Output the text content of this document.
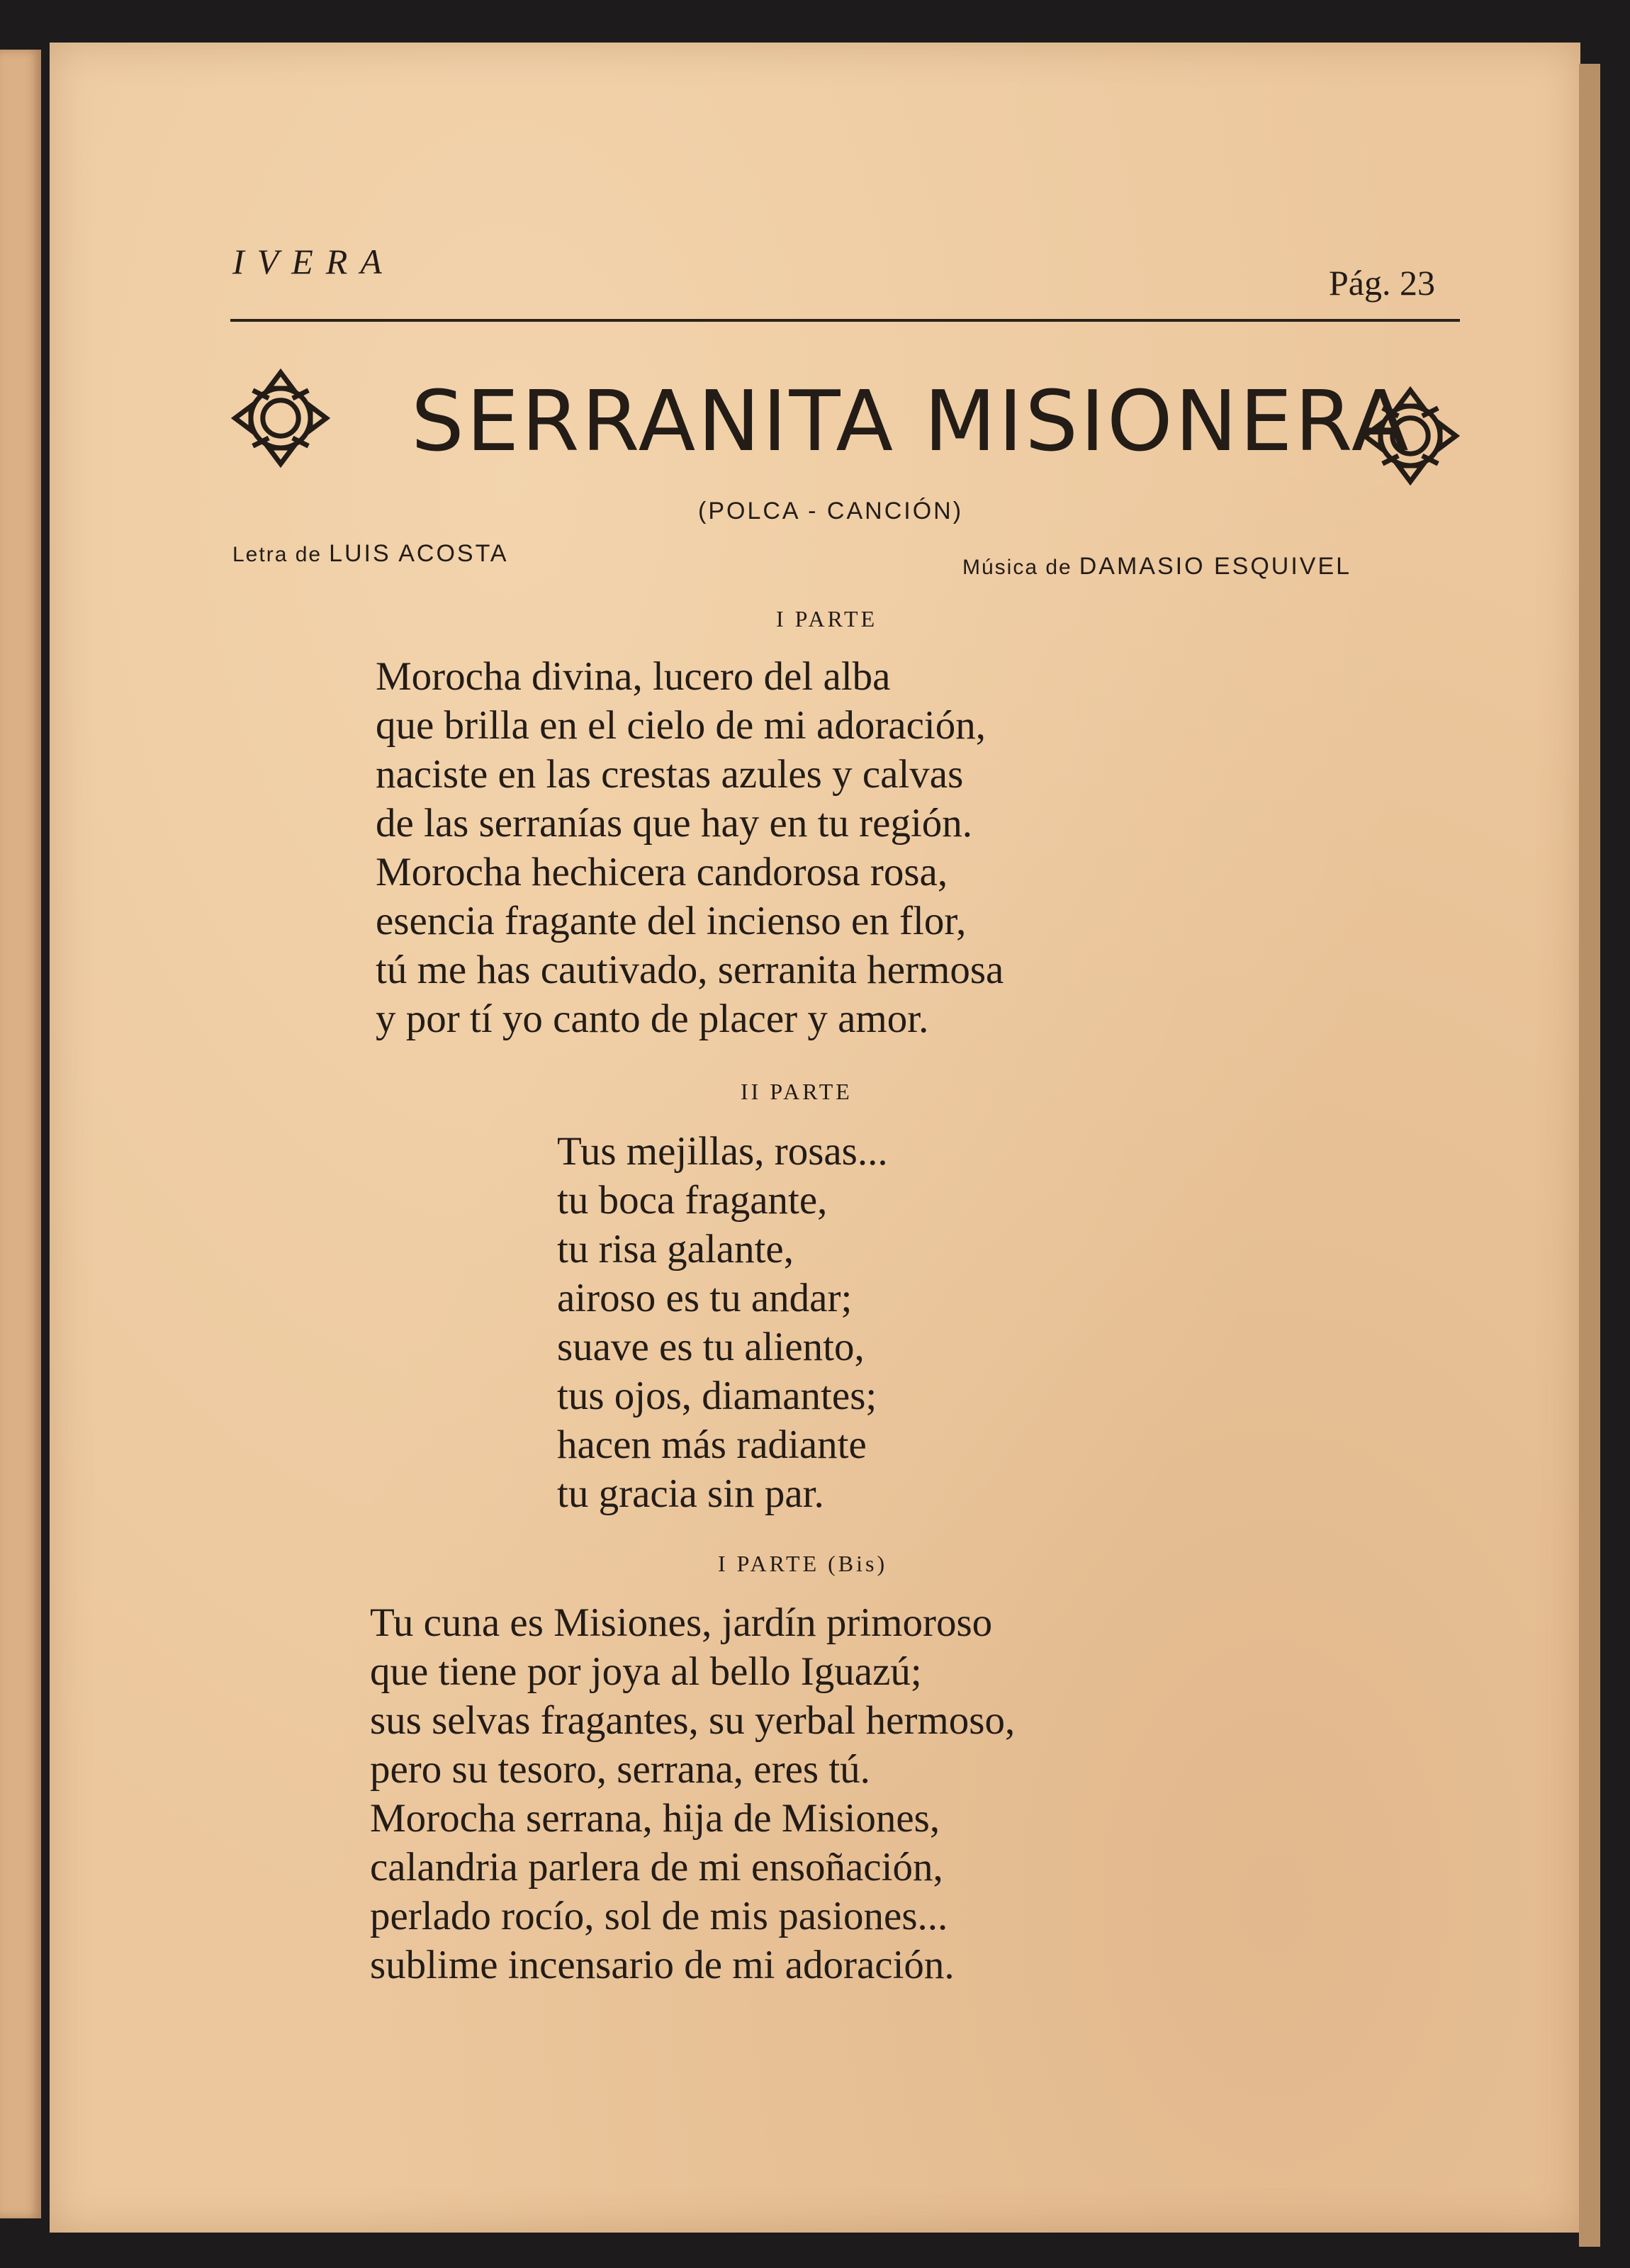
IVERA
Pág. 23
SERRANITA MISIONERA
(POLCA - CANCIÓN)
Letra de LUIS ACOSTA
Música de DAMASIO ESQUIVEL
I PARTE
Morocha divina, lucero del alba
que brilla en el cielo de mi adoración,
naciste en las crestas azules y calvas
de las serranías que hay en tu región.
Morocha hechicera candorosa rosa,
esencia fragante del incienso en flor,
tú me has cautivado, serranita hermosa
y por tí yo canto de placer y amor.
II PARTE
Tus mejillas, rosas...
tu boca fragante,
tu risa galante,
airoso es tu andar;
suave es tu aliento,
tus ojos, diamantes;
hacen más radiante
tu gracia sin par.
I PARTE (Bis)
Tu cuna es Misiones, jardín primoroso
que tiene por joya al bello Iguazú;
sus selvas fragantes, su yerbal hermoso,
pero su tesoro, serrana, eres tú.
Morocha serrana, hija de Misiones,
calandria parlera de mi ensoñación,
perlado rocío, sol de mis pasiones...
sublime incensario de mi adoración.
